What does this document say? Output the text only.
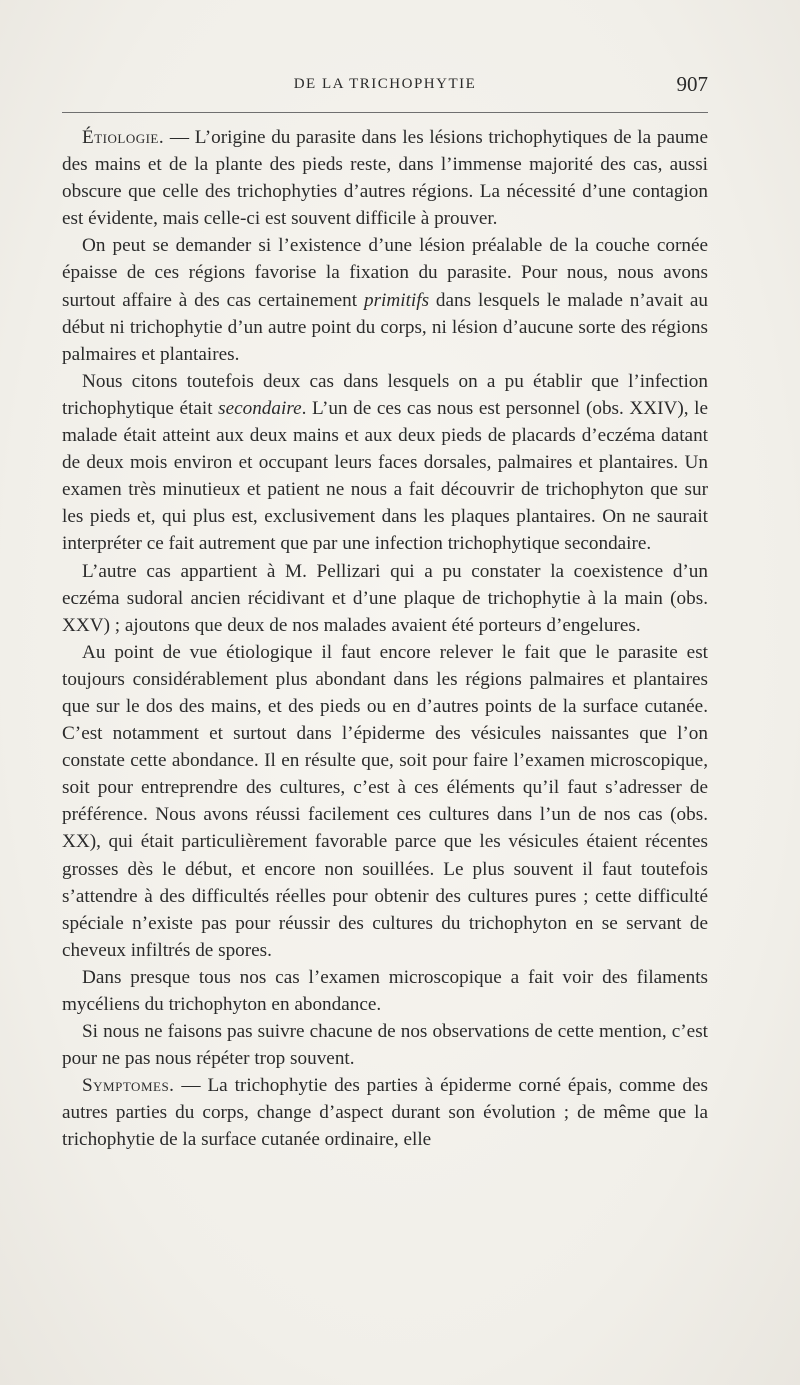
DE LA TRICHOPHYTIE	907

Étiologie. — L’origine du parasite dans les lésions trichophytiques de la paume des mains et de la plante des pieds reste, dans l’immense majorité des cas, aussi obscure que celle des trichophyties d’autres régions. La nécessité d’une contagion est évidente, mais celle-ci est souvent difficile à prouver.

On peut se demander si l’existence d’une lésion préalable de la couche cornée épaisse de ces régions favorise la fixation du parasite. Pour nous, nous avons surtout affaire à des cas certainement primitifs dans lesquels le malade n’avait au début ni trichophytie d’un autre point du corps, ni lésion d’aucune sorte des régions palmaires et plantaires.

Nous citons toutefois deux cas dans lesquels on a pu établir que l’infection trichophytique était secondaire. L’un de ces cas nous est personnel (obs. XXIV), le malade était atteint aux deux mains et aux deux pieds de placards d’eczéma datant de deux mois environ et occupant leurs faces dorsales, palmaires et plantaires. Un examen très minutieux et patient ne nous a fait découvrir de trichophyton que sur les pieds et, qui plus est, exclusivement dans les plaques plantaires. On ne saurait interpréter ce fait autrement que par une infection trichophytique secondaire.

L’autre cas appartient à M. Pellizari qui a pu constater la coexistence d’un eczéma sudoral ancien récidivant et d’une plaque de trichophytie à la main (obs. XXV) ; ajoutons que deux de nos malades avaient été porteurs d’engelures.

Au point de vue étiologique il faut encore relever le fait que le parasite est toujours considérablement plus abondant dans les régions palmaires et plantaires que sur le dos des mains, et des pieds ou en d’autres points de la surface cutanée. C’est notamment et surtout dans l’épiderme des vésicules naissantes que l’on constate cette abondance. Il en résulte que, soit pour faire l’examen microscopique, soit pour entreprendre des cultures, c’est à ces éléments qu’il faut s’adresser de préférence. Nous avons réussi facilement ces cultures dans l’un de nos cas (obs. XX), qui était particulièrement favorable parce que les vésicules étaient récentes grosses dès le début, et encore non souillées. Le plus souvent il faut toutefois s’attendre à des difficultés réelles pour obtenir des cultures pures ; cette difficulté spéciale n’existe pas pour réussir des cultures du trichophyton en se servant de cheveux infiltrés de spores.

Dans presque tous nos cas l’examen microscopique a fait voir des filaments mycéliens du trichophyton en abondance.

Si nous ne faisons pas suivre chacune de nos observations de cette mention, c’est pour ne pas nous répéter trop souvent.

Symptomes. — La trichophytie des parties à épiderme corné épais, comme des autres parties du corps, change d’aspect durant son évolution ; de même que la trichophytie de la surface cutanée ordinaire, elle
